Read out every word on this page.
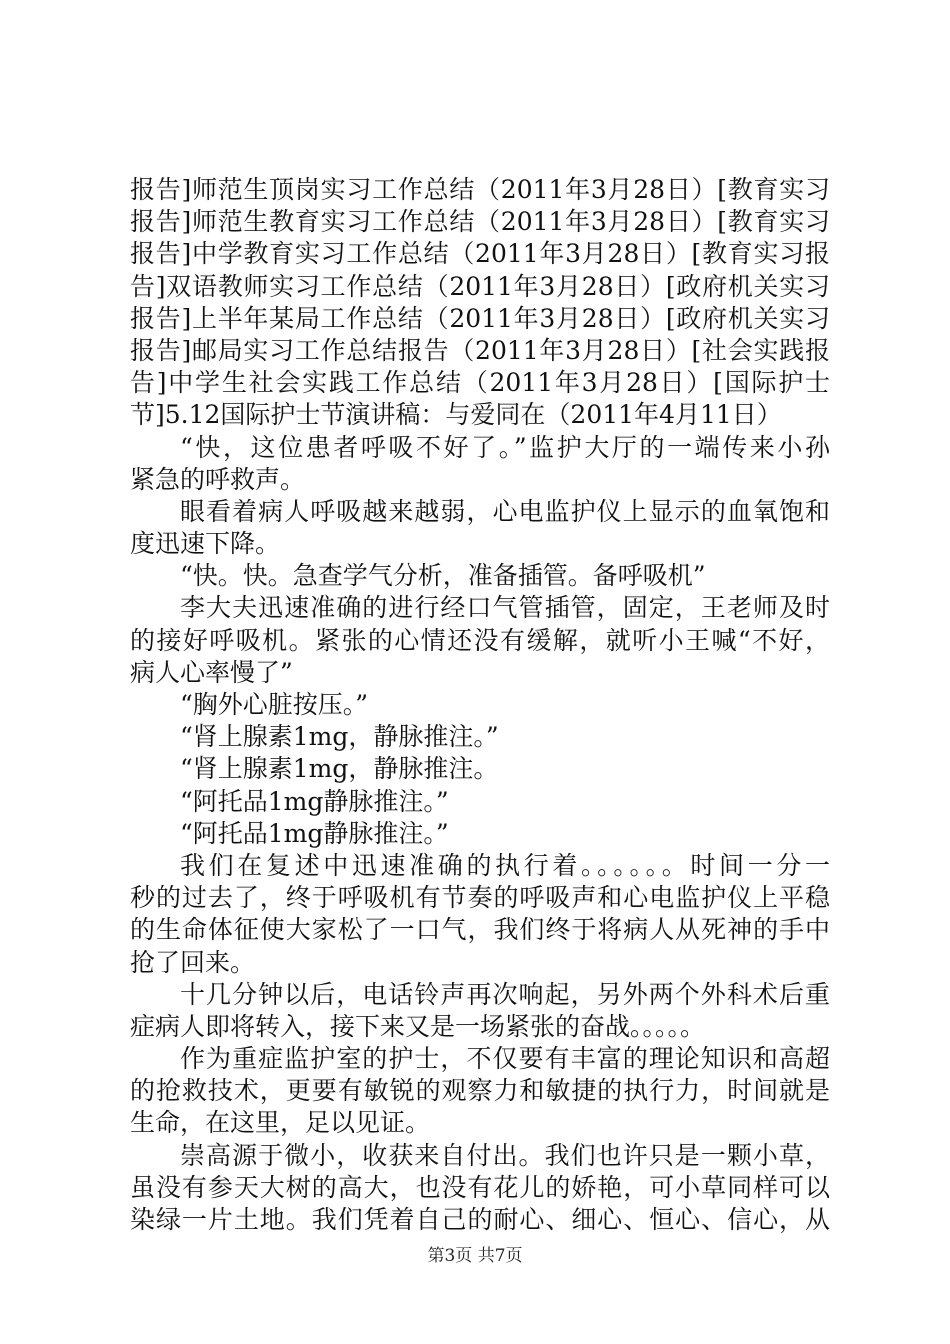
报告]师范生顶岗实习工作总结（2011年3月28日）[教育实习
报告]师范生教育实习工作总结（2011年3月28日）[教育实习
报告]中学教育实习工作总结（2011年3月28日）[教育实习报
告]双语教师实习工作总结（2011年3月28日）[政府机关实习
报告]上半年某局工作总结（2011年3月28日）[政府机关实习
报告]邮局实习工作总结报告（2011年3月28日）[社会实践报
告]中学生社会实践工作总结（2011年3月28日）[国际护士
节]5.12国际护士节演讲稿：与爱同在（2011年4月11日）
“快，这位患者呼吸不好了。”监护大厅的一端传来小孙
紧急的呼救声。
眼看着病人呼吸越来越弱，心电监护仪上显示的血氧饱和
度迅速下降。
“快。快。急查学气分析，准备插管。备呼吸机”
李大夫迅速准确的进行经口气管插管，固定，王老师及时
的接好呼吸机。紧张的心情还没有缓解，就听小王喊“不好，
病人心率慢了”
“胸外心脏按压。”
“肾上腺素1mg，静脉推注。”
“肾上腺素1mg，静脉推注。
“阿托品1mg静脉推注。”
“阿托品1mg静脉推注。”
我们在复述中迅速准确的执行着。。。。。。时间一分一
秒的过去了，终于呼吸机有节奏的呼吸声和心电监护仪上平稳
的生命体征使大家松了一口气，我们终于将病人从死神的手中
抢了回来。
十几分钟以后，电话铃声再次响起，另外两个外科术后重
症病人即将转入，接下来又是一场紧张的奋战。。。。。
作为重症监护室的护士，不仅要有丰富的理论知识和高超
的抢救技术，更要有敏锐的观察力和敏捷的执行力，时间就是
生命，在这里，足以见证。
崇高源于微小，收获来自付出。我们也许只是一颗小草，
虽没有参天大树的高大，也没有花儿的娇艳，可小草同样可以
染绿一片土地。我们凭着自己的耐心、细心、恒心、信心，从
第3页 共7页
